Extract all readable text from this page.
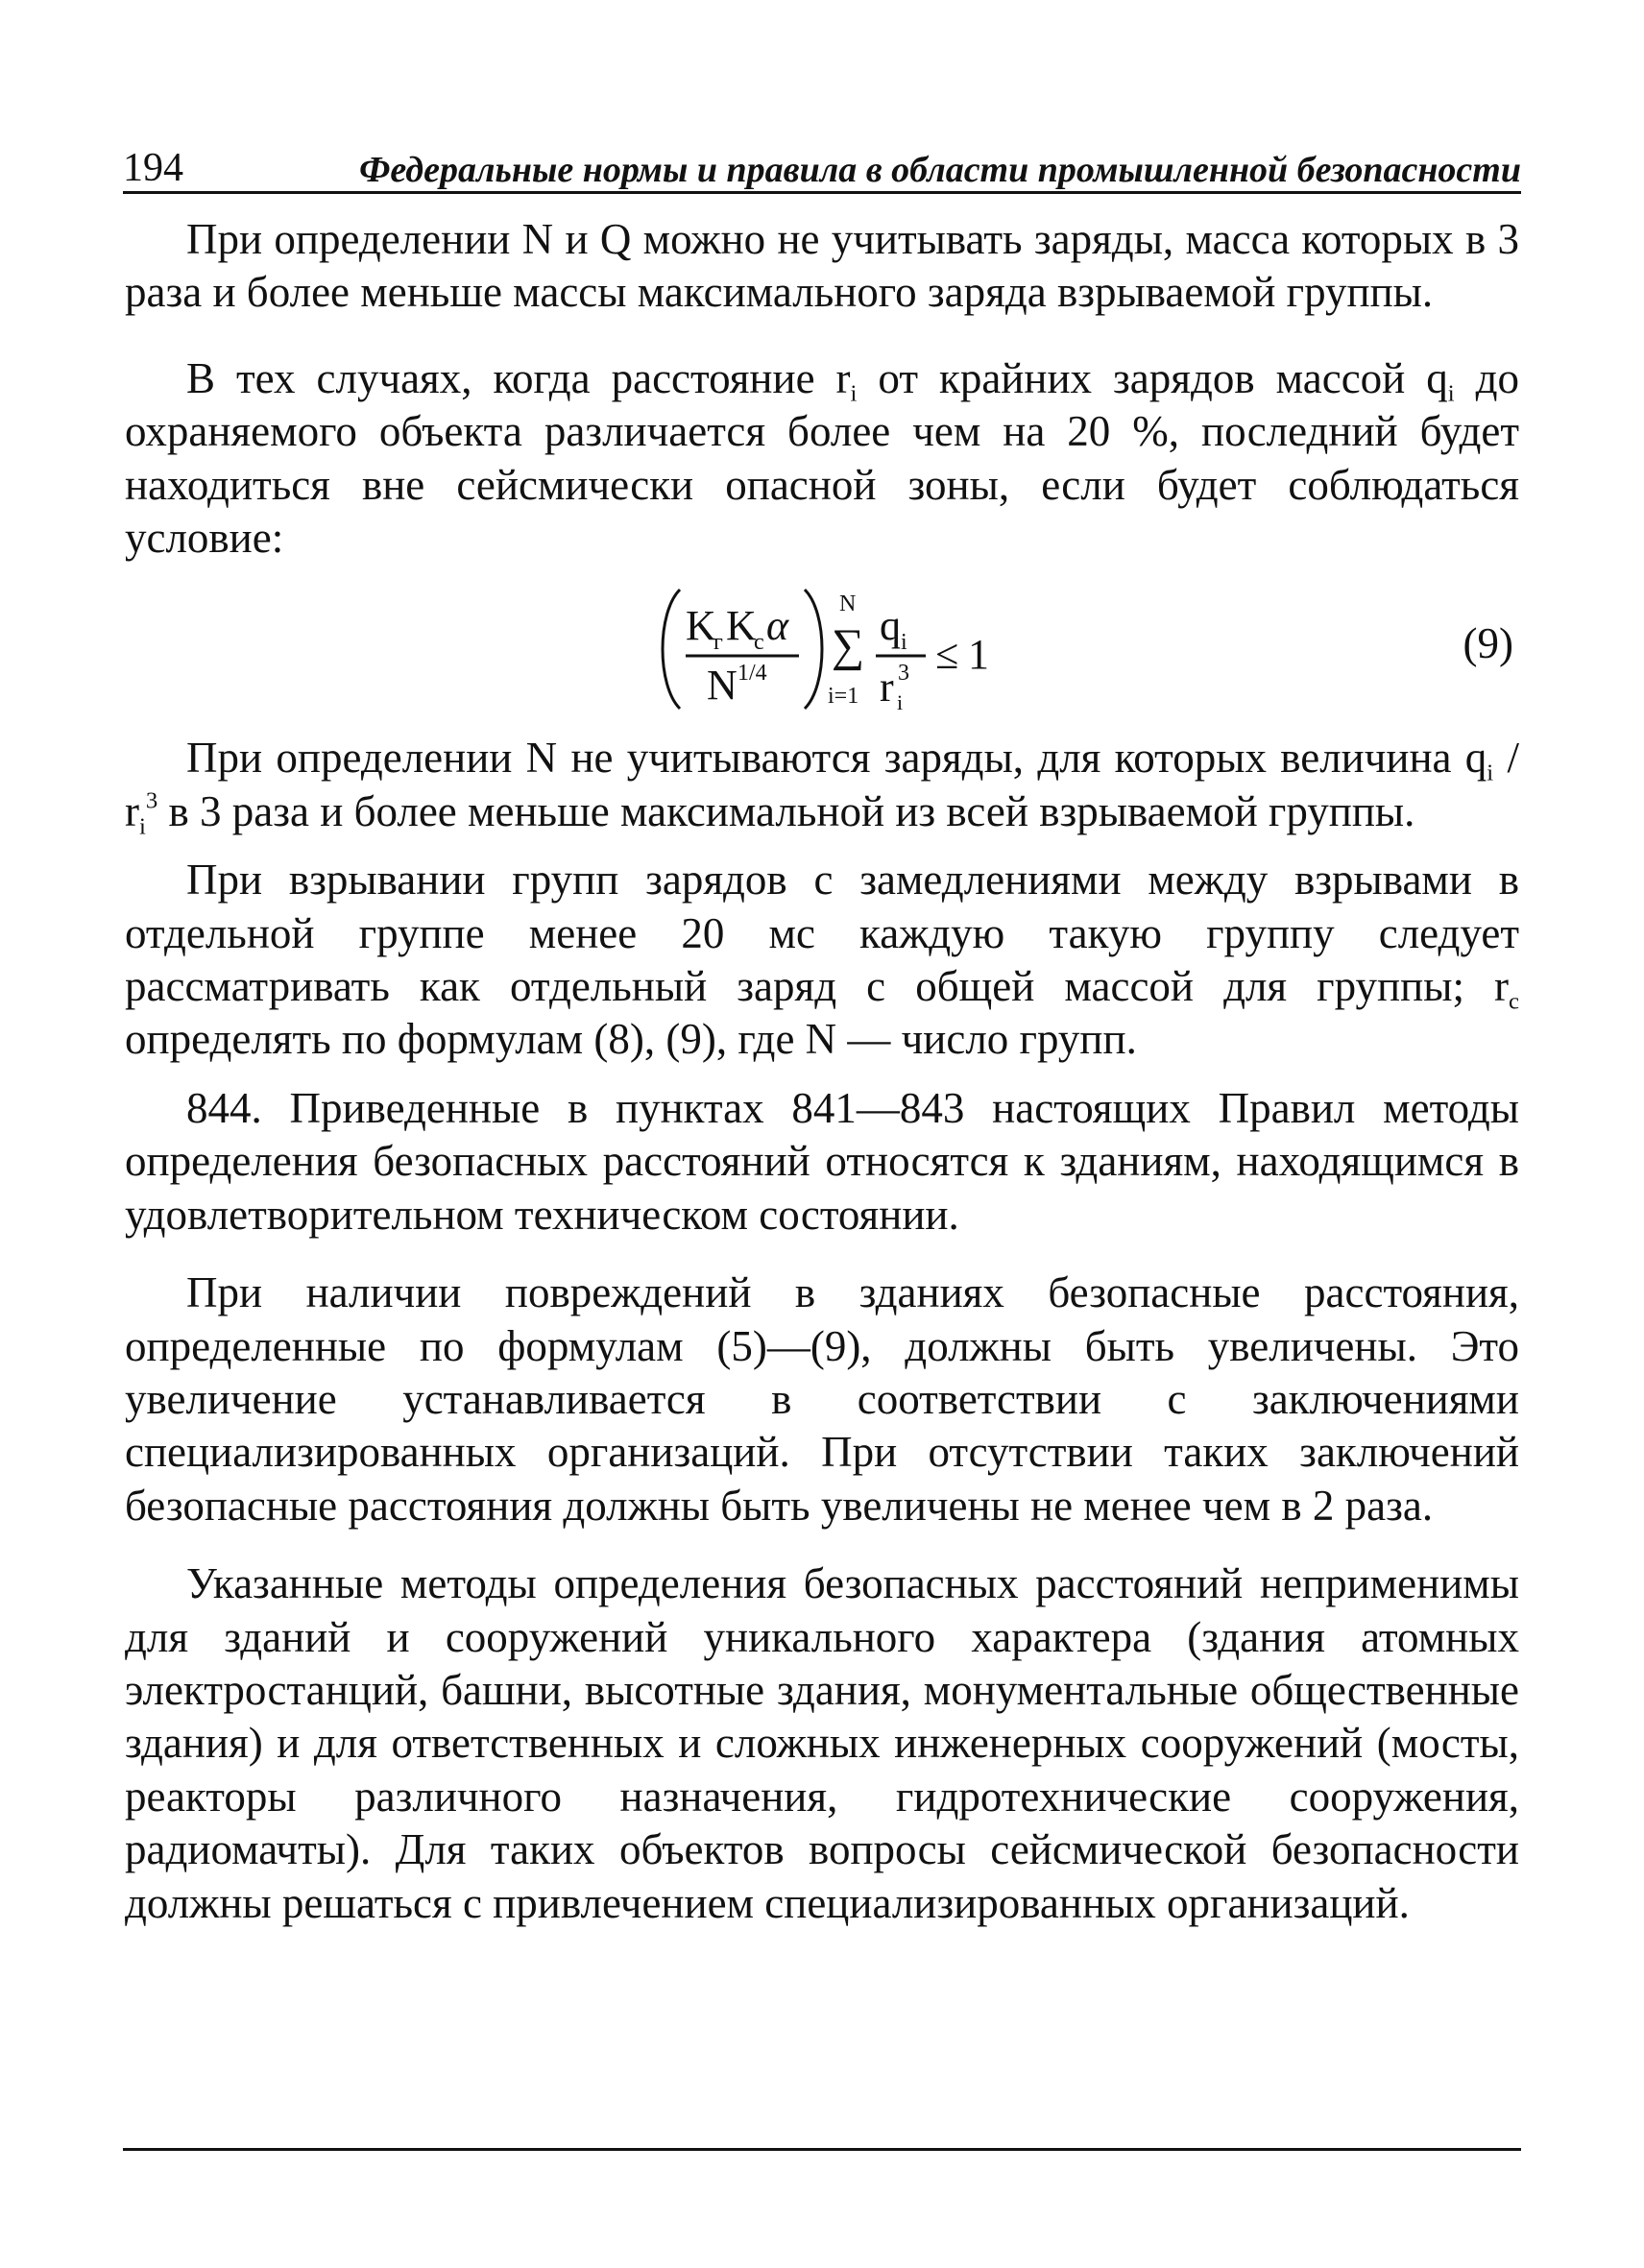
194	Федеральные нормы и правила в области промышленной безопасности

При определении N и Q можно не учитывать заряды, масса которых в 3 раза и более меньше массы максимального заряда взрываемой группы.

В тех случаях, когда расстояние $r_i$ от крайних зарядов массой $q_i$ до охраняемого объекта различается более чем на 20 %, последний будет находиться вне сейсмически опасной зоны, если будет соблюдаться условие:

K
г K
c α
N 1/4
N
∑
i=1
q i
r 3
i
≤ 1	(9)

При определении N не учитываются заряды, для которых величина $q_i / r_i^3$ в 3 раза и более меньше максимальной из всей взрываемой группы.

При взрывании групп зарядов с замедлениями между взрывами в отдельной группе менее 20 мс каждую такую группу следует рассматривать как отдельный заряд с общей массой для группы; $r_c$ определять по формулам (8), (9), где N — число групп.

844. Приведенные в пунктах 841—843 настоящих Правил методы определения безопасных расстояний относятся к зданиям, находящимся в удовлетворительном техническом состоянии.

При наличии повреждений в зданиях безопасные расстояния, определенные по формулам (5)—(9), должны быть увеличены. Это увеличение устанавливается в соответствии с заключениями специализированных организаций. При отсутствии таких заключений безопасные расстояния должны быть увеличены не менее чем в 2 раза.

Указанные методы определения безопасных расстояний неприменимы для зданий и сооружений уникального характера (здания атомных электростанций, башни, высотные здания, монументальные общественные здания) и для ответственных и сложных инженерных сооружений (мосты, реакторы различного назначения, гидротехнические сооружения, радиомачты). Для таких объектов вопросы сейсмической безопасности должны решаться с привлечением специализированных организаций.
